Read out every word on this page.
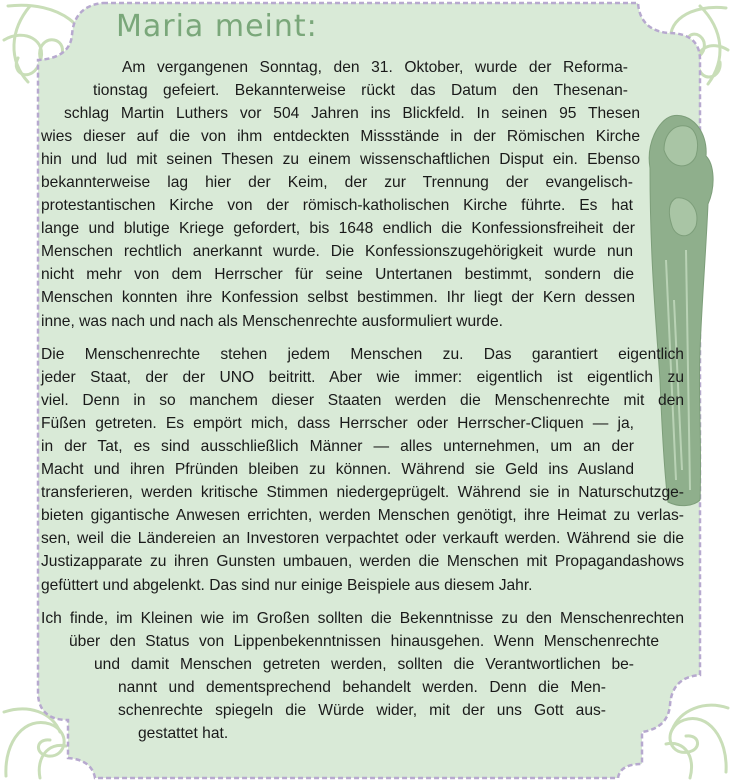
Maria meint:
Am vergangenen Sonntag, den 31. Oktober, wurde der Reforma-
tionstag gefeiert. Bekannterweise rückt das Datum den Thesenan-
schlag Martin Luthers vor 504 Jahren ins Blickfeld. In seinen 95 Thesen
wies dieser auf die von ihm entdeckten Missstände in der Römischen Kirche
hin und lud mit seinen Thesen zu einem wissenschaftlichen Disput ein. Ebenso
bekannterweise lag hier der Keim, der zur Trennung der evangelisch-
protestantischen Kirche von der römisch-katholischen Kirche führte. Es hat
lange und blutige Kriege gefordert, bis 1648 endlich die Konfessionsfreiheit der
Menschen rechtlich anerkannt wurde. Die Konfessionszugehörigkeit wurde nun
nicht mehr von dem Herrscher für seine Untertanen bestimmt, sondern die
Menschen konnten ihre Konfession selbst bestimmen. Ihr liegt der Kern dessen
inne, was nach und nach als Menschenrechte ausformuliert wurde.
Die Menschenrechte stehen jedem Menschen zu. Das garantiert eigentlich
jeder Staat, der der UNO beitritt. Aber wie immer: eigentlich ist eigentlich zu
viel. Denn in so manchem dieser Staaten werden die Menschenrechte mit den
Füßen getreten. Es empört mich, dass Herrscher oder Herrscher-Cliquen — ja,
in der Tat, es sind ausschließlich Männer — alles unternehmen, um an der
Macht und ihren Pfründen bleiben zu können. Während sie Geld ins Ausland
transferieren, werden kritische Stimmen niedergeprügelt. Während sie in Naturschutzge-
bieten gigantische Anwesen errichten, werden Menschen genötigt, ihre Heimat zu verlas-
sen, weil die Ländereien an Investoren verpachtet oder verkauft werden. Während sie die
Justizapparate zu ihren Gunsten umbauen, werden die Menschen mit Propagandashows
gefüttert und abgelenkt. Das sind nur einige Beispiele aus diesem Jahr.
Ich finde, im Kleinen wie im Großen sollten die Bekenntnisse zu den Menschenrechten
über den Status von Lippenbekenntnissen hinausgehen. Wenn Menschenrechte
und damit Menschen getreten werden, sollten die Verantwortlichen be-
nannt und dementsprechend behandelt werden. Denn die Men-
schenrechte spiegeln die Würde wider, mit der uns Gott aus-
gestattet hat.
